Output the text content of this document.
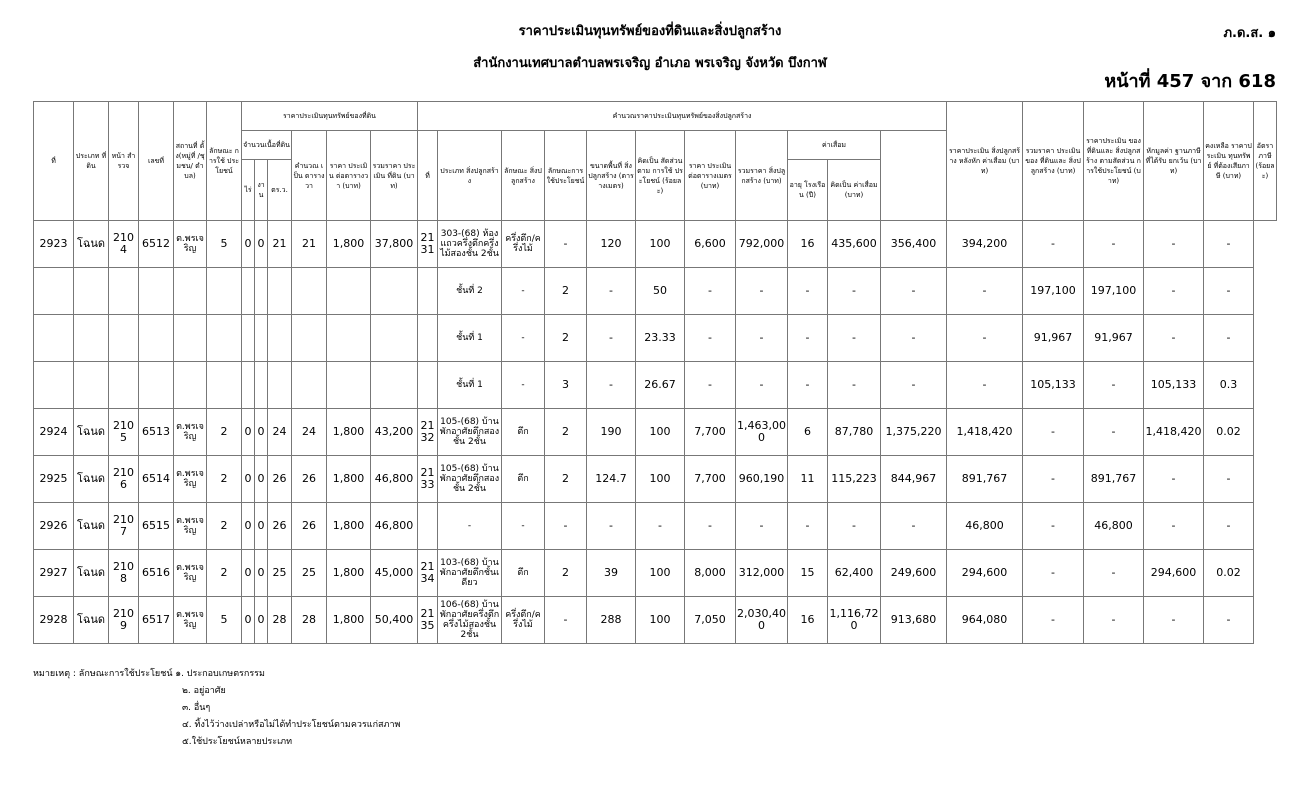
ราคาประเมินทุนทรัพย์ของที่ดินและสิ่งปลูกสร้าง
สำนักงานเทศบาลตำบลพรเจริญ อำเภอ พรเจริญ จังหวัด บึงกาฬ
ภ.ด.ส. ๑
หน้าที่ 457 จาก 618
ที่	ประเภท ที่ดิน	หน้า สำรวจ	เลขที่	สถานที่ ตั้ง(หมู่ที่ /ชุมชน/ ตำบล)	ลักษณะ การใช้ ประโยชน์	ราคาประเมินทุนทรัพย์ของที่ดิน						คำนวณราคาประเมินทุนทรัพย์ของสิ่งปลูกสร้าง											ราคาประเมิน สิ่งปลูกสร้าง หลังหัก ค่าเสื่อม (บาท)	รวมราคา ประเมินของ ที่ดินและ สิ่งปลูกสร้าง (บาท)	ราคาประเมิน ของที่ดินและ สิ่งปลูกสร้าง ตามสัดส่วน การใช้ประโยชน์ (บาท)	หักมูลค่า ฐานภาษี ที่ได้รับ ยกเว้น (บาท)	คงเหลือ ราคาประเมิน ทุนทรัพย์ ที่ต้องเสียภาษี (บาท)	อัตราภาษี (ร้อยละ)
						จำนวนเนื้อที่ดิน			คำนวณ เป็น ตารางวา	ราคา ประเมิน ต่อตารางวา (บาท)	รวมราคา ประเมิน ที่ดิน (บาท)	ที่	ประเภท สิ่งปลูกสร้าง	ลักษณะ สิ่งปลูกสร้าง	ลักษณะการ ใช้ประโยชน์	ขนาดพื้นที่ สิ่งปลูกสร้าง (ตารางเมตร)	คิดเป็น สัดส่วนตาม การใช้ ประโยชน์ (ร้อยละ)	ราคา ประเมิน ต่อตารางเมตร (บาท)	รวมราคา สิ่งปลูกสร้าง (บาท)	ค่าเสื่อม								
						ไร่	งาน	ตร.ว.												อายุ โรงเรือน (ปี)	คิดเป็น ค่าเสื่อม (บาท)							
2923	โฉนด	2104	6512	ต.พรเจริญ	5	0	0	21	21	1,800	37,800	2131	303-(68) ห้องแถวครึ่งตึกครึ่งไม้สองชั้น 2ชั้น	ครึ่งตึก/ครึ่งไม้	-	120	100	6,600	792,000	16	435,600	356,400	394,200	-	-	-	-	
													ชั้นที่ 2	-	2	-	50	-	-	-	-	-	-	197,100	197,100	-	-	
													ชั้นที่ 1	-	2	-	23.33	-	-	-	-	-	-	91,967	91,967	-	-	
													ชั้นที่ 1	-	3	-	26.67	-	-	-	-	-	-	105,133	-	105,133	0.3	
2924	โฉนด	2105	6513	ต.พรเจริญ	2	0	0	24	24	1,800	43,200	2132	105-(68) บ้านพักอาศัยตึกสองชั้น 2ชั้น	ตึก	2	190	100	7,700	1,463,000	6	87,780	1,375,220	1,418,420	-	-	1,418,420	0.02	
2925	โฉนด	2106	6514	ต.พรเจริญ	2	0	0	26	26	1,800	46,800	2133	105-(68) บ้านพักอาศัยตึกสองชั้น 2ชั้น	ตึก	2	124.7	100	7,700	960,190	11	115,223	844,967	891,767	-	891,767	-	-	
2926	โฉนด	2107	6515	ต.พรเจริญ	2	0	0	26	26	1,800	46,800		-	-	-	-	-	-	-	-	-	-	46,800	-	46,800	-	-	
2927	โฉนด	2108	6516	ต.พรเจริญ	2	0	0	25	25	1,800	45,000	2134	103-(68) บ้านพักอาศัยตึกชั้นเดียว	ตึก	2	39	100	8,000	312,000	15	62,400	249,600	294,600	-	-	294,600	0.02	
2928	โฉนด	2109	6517	ต.พรเจริญ	5	0	0	28	28	1,800	50,400	2135	106-(68) บ้านพักอาศัยครึ่งตึกครึ่งไม้สองชั้น 2ชั้น	ครึ่งตึก/ครึ่งไม้	-	288	100	7,050	2,030,400	16	1,116,720	913,680	964,080	-	-	-	-	
หมายเหตุ : ลักษณะการใช้ประโยชน์ ๑. ประกอบเกษตรกรรม
๒. อยู่อาศัย
๓. อื่นๆ
๔. ทิ้งไว้ว่างเปล่าหรือไม่ได้ทำประโยชน์ตามควรแก่สภาพ
๕.ใช้ประโยชน์หลายประเภท
